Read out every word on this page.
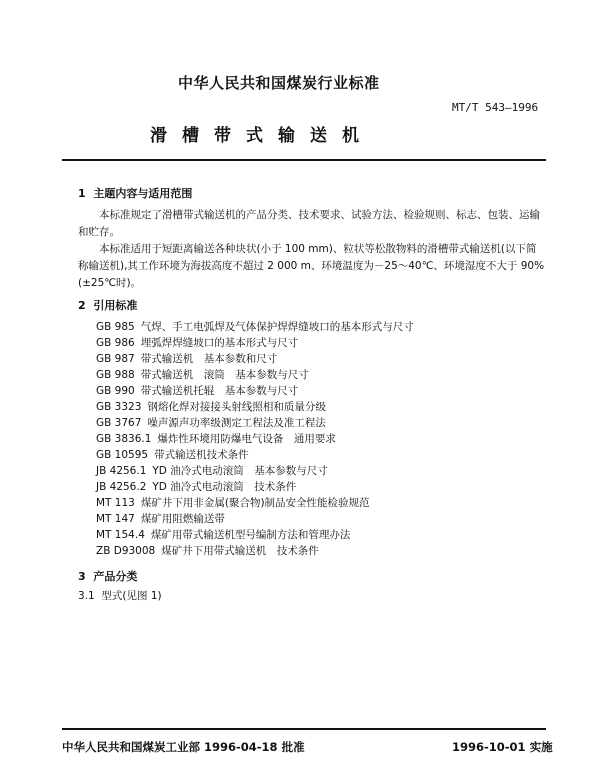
中华人民共和国煤炭行业标准
MT/T 543—1996
滑槽带式输送机
1 主题内容与适用范围
本标准规定了滑槽带式输送机的产品分类、技术要求、试验方法、检验规则、标志、包装、运输和贮存。
本标准适用于短距离输送各种块状(小于 100 mm)、粒状等松散物料的滑槽带式输送机(以下简称输送机),其工作环境为海拔高度不超过 2 000 m、环境温度为－25～40℃、环境湿度不大于 90%(±25℃时)。
2 引用标准
GB 985 气焊、手工电弧焊及气体保护焊焊缝坡口的基本形式与尺寸
GB 986 埋弧焊焊缝坡口的基本形式与尺寸
GB 987 带式输送机　基本参数和尺寸
GB 988 带式输送机　滚筒　基本参数与尺寸
GB 990 带式输送机托辊　基本参数与尺寸
GB 3323 钢熔化焊对接接头射线照相和质量分级
GB 3767 噪声源声功率级测定工程法及准工程法
GB 3836.1 爆炸性环境用防爆电气设备　通用要求
GB 10595 带式输送机技术条件
JB 4256.1 YD 油冷式电动滚筒　基本参数与尺寸
JB 4256.2 YD 油冷式电动滚筒　技术条件
MT 113 煤矿井下用非金属(聚合物)制品安全性能检验规范
MT 147 煤矿用阻燃输送带
MT 154.4 煤矿用带式输送机型号编制方法和管理办法
ZB D93008 煤矿井下用带式输送机　技术条件
3 产品分类
3.1 型式(见图 1)
中华人民共和国煤炭工业部 1996-04-18 批准	1996-10-01 实施
